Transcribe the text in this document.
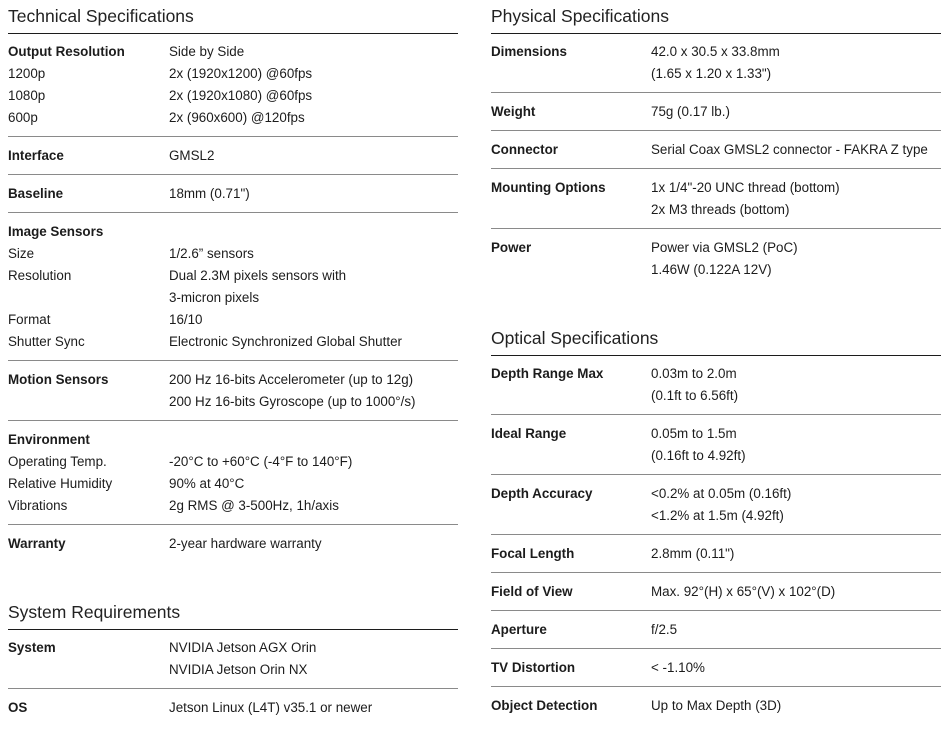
Technical Specifications
Output Resolution	Side by Side
1200p	2x (1920x1200) @60fps
1080p	2x (1920x1080) @60fps
600p	2x (960x600) @120fps
Interface	GMSL2
Baseline	18mm (0.71")
Image Sensors
Size	1/2.6” sensors
Resolution	Dual 2.3M pixels sensors with
3-micron pixels
Format	16/10
Shutter Sync	Electronic Synchronized Global Shutter
Motion Sensors	200 Hz 16-bits Accelerometer (up to 12g)
200 Hz 16-bits Gyroscope (up to 1000°/s)
Environment
Operating Temp.	-20°C to +60°C (-4°F to 140°F)
Relative Humidity	90% at 40°C
Vibrations	2g RMS @ 3-500Hz, 1h/axis
Warranty	2-year hardware warranty
System Requirements
System	NVIDIA Jetson AGX Orin
NVIDIA Jetson Orin NX
OS	Jetson Linux (L4T) v35.1 or newer
Physical Specifications
Dimensions	42.0 x 30.5 x 33.8mm
(1.65 x 1.20 x 1.33")
Weight	75g (0.17 lb.)
Connector	Serial Coax GMSL2 connector - FAKRA Z type
Mounting Options	1x 1/4"-20 UNC thread (bottom)
2x M3 threads (bottom)
Power	Power via GMSL2 (PoC)
1.46W (0.122A 12V)
Optical Specifications
Depth Range Max	0.03m to 2.0m
(0.1ft to 6.56ft)
Ideal Range	0.05m to 1.5m
(0.16ft to 4.92ft)
Depth Accuracy	<0.2% at 0.05m (0.16ft)
<1.2% at 1.5m (4.92ft)
Focal Length	2.8mm (0.11")
Field of View	Max. 92°(H) x 65°(V) x 102°(D)
Aperture	f/2.5
TV Distortion	< -1.10%
Object Detection	Up to Max Depth (3D)
